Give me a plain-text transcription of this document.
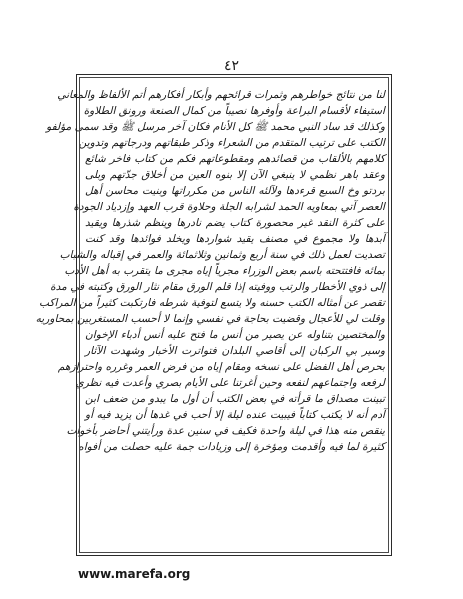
٤٢
لنا من نتائج خواطرهم وثمرات قرائحهم وأبكار أفكارهم أتم الألفاظ والمعاني
استيفاء لأقسام البراعة وأوفرها نصيباً من كمال الصنعة ورونق الطلاوة
وكذلك قد ساد النبي محمد ﷺ كل الأنام فكان آخر مرسل ﷺ وقد سمى مؤلفو
الكتب على ترتيب المتقدم من الشعراء وذكر طبقاتهم ودرجاتهم وتدوين
كلامهم بالألقاب من قصائدهم ومقطوعاتهم فكم من كتاب فاخر شائع
وعقد باهر نظمي لا ينبغي الآن إلا بنوه العين من أخلاق جدّتهم وبلى
بردتو وخ السبع قرءدها ولآلئه الناس من مكرراتها وبنيت محاسن أهل
العصر آتي بمعاويه الحمد لشرابه الجلة وحلاوة قرب العهد وإزدياد الجودة
على كثرة النقد غير محصورة كتاب يضم نادرها وينظم شذرها ويقيد
آبدها ولا مجموع في مصنف يقيد شواردها ويخلد فوائدها وقد كنت
تصديت لعمل ذلك في سنة أربع وثمانين وثلاثمائة والعمر في إقباله والشباب
بمائه فافتتحته باسم بعض الوزراء مجرياً إياه مجرى ما يتقرب به أهل الأدب
إلى ذوي الأخطار والرتب ووفيته إذا قلم الورق مقام نثار الورق وكتبته في مدة
تقصر عن أمثاله الكتب حسنه ولا يتسع لتوفية شرطه فارتكبت كثيراً من المراكب
وقلت لي للأعجال وقضيت بحاجة في نفسي وإنما لا أحسب المستغربين بمحاوريه
والمختصين بتناوله عن يصير من أنس ما فتح عليه أنس أدباء الإخوان
وسير بي الركبان إلى أقاصي البلدان فتواترت الأخبار وشهدت الآثار
بحرص أهل الفضل على نسخه ومقام إياه من فرض العمر وغرره واحترازهم
لرفعه واجتماعهم لنفعه وحين أغرتنا على الأيام بصري وأعدت فيه نظري
تبينت مصداق ما قرأته في بعض الكتب أن أول ما يبدو من ضعف ابن
آدم أنه لا يكتب كتاباً فيبيت عنده ليلة إلا أحب في غدها أن يزيد فيه أو
ينقص منه هذا في ليلة واحدة فكيف في سنين عدة ورأيتني أحاضر بأخوات
كثيرة لما فيه وأقدمت ومؤخرة إلى وزيادات جمة عليه حصلت من أفواه
www.marefa.org
